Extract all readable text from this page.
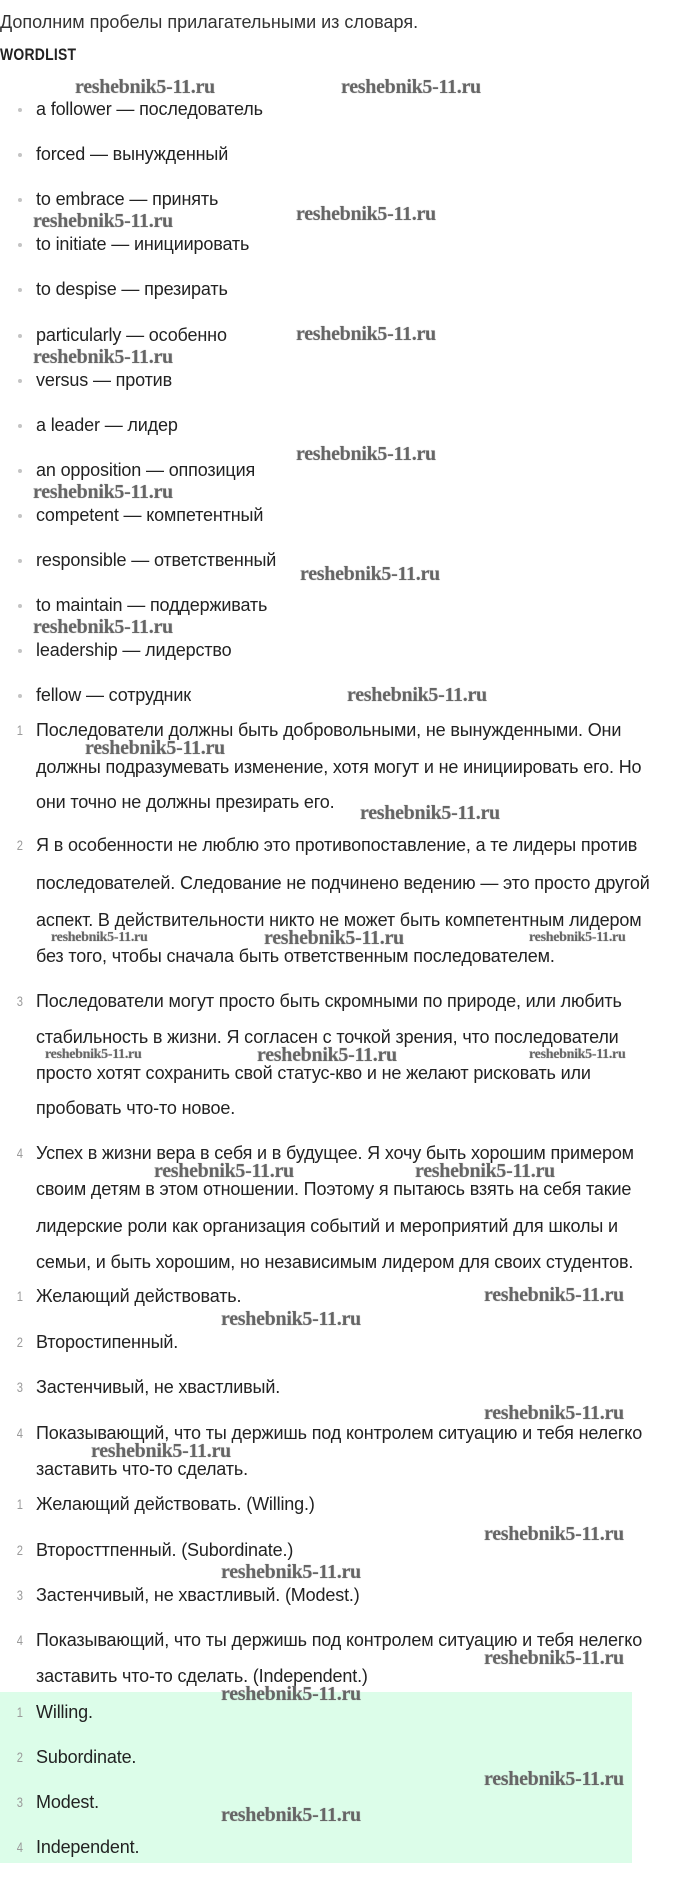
Дополним пробелы прилагательными из словаря.
WORDLIST
a follower — последователь
forced — вынужденный
to embrace — принять
to initiate — инициировать
to despise — презирать
particularly — особенно
versus — против
a leader — лидер
an opposition — оппозиция
competent — компетентный
responsible — ответственный
to maintain — поддерживать
leadership — лидерство
fellow — сотрудник
1 Последователи должны быть добровольными, не вынужденными. Они
должны подразумевать изменение, хотя могут и не инициировать его. Но
они точно не должны презирать его.
2 Я в особенности не люблю это противопоставление, а те лидеры против
последователей. Следование не подчинено ведению — это просто другой
аспект. В действительности никто не может быть компетентным лидером
без того, чтобы сначала быть ответственным последователем.
3 Последователи могут просто быть скромными по природе, или любить
стабильность в жизни. Я согласен с точкой зрения, что последователи
просто хотят сохранить свой статус-кво и не желают рисковать или
пробовать что-то новое.
4 Успех в жизни вера в себя и в будущее. Я хочу быть хорошим примером
своим детям в этом отношении. Поэтому я пытаюсь взять на себя такие
лидерские роли как организация событий и мероприятий для школы и
семьи, и быть хорошим, но независимым лидером для своих студентов.
1 Желающий действовать.
2 Второстипенный.
3 Застенчивый, не хвастливый.
4 Показывающий, что ты держишь под контролем ситуацию и тебя нелегко
заставить что-то сделать.
1 Желающий действовать. (Willing.)
2 Второсттпенный. (Subordinate.)
3 Застенчивый, не хвастливый. (Modest.)
4 Показывающий, что ты держишь под контролем ситуацию и тебя нелегко
заставить что-то сделать. (Independent.)
1 Willing.
2 Subordinate.
3 Modest.
4 Independent.
reshebnik5-11.ru	reshebnik5-11.ru
reshebnik5-11.ru
reshebnik5-11.ru
reshebnik5-11.ru
reshebnik5-11.ru
reshebnik5-11.ru
reshebnik5-11.ru
reshebnik5-11.ru
reshebnik5-11.ru
reshebnik5-11.ru
reshebnik5-11.ru
reshebnik5-11.ru
reshebnik5-11.ru	reshebnik5-11.ru	reshebnik5-11.ru
reshebnik5-11.ru	reshebnik5-11.ru	reshebnik5-11.ru
reshebnik5-11.ru	reshebnik5-11.ru
reshebnik5-11.ru
reshebnik5-11.ru
reshebnik5-11.ru
reshebnik5-11.ru
reshebnik5-11.ru
reshebnik5-11.ru
reshebnik5-11.ru
reshebnik5-11.ru
reshebnik5-11.ru
reshebnik5-11.ru
